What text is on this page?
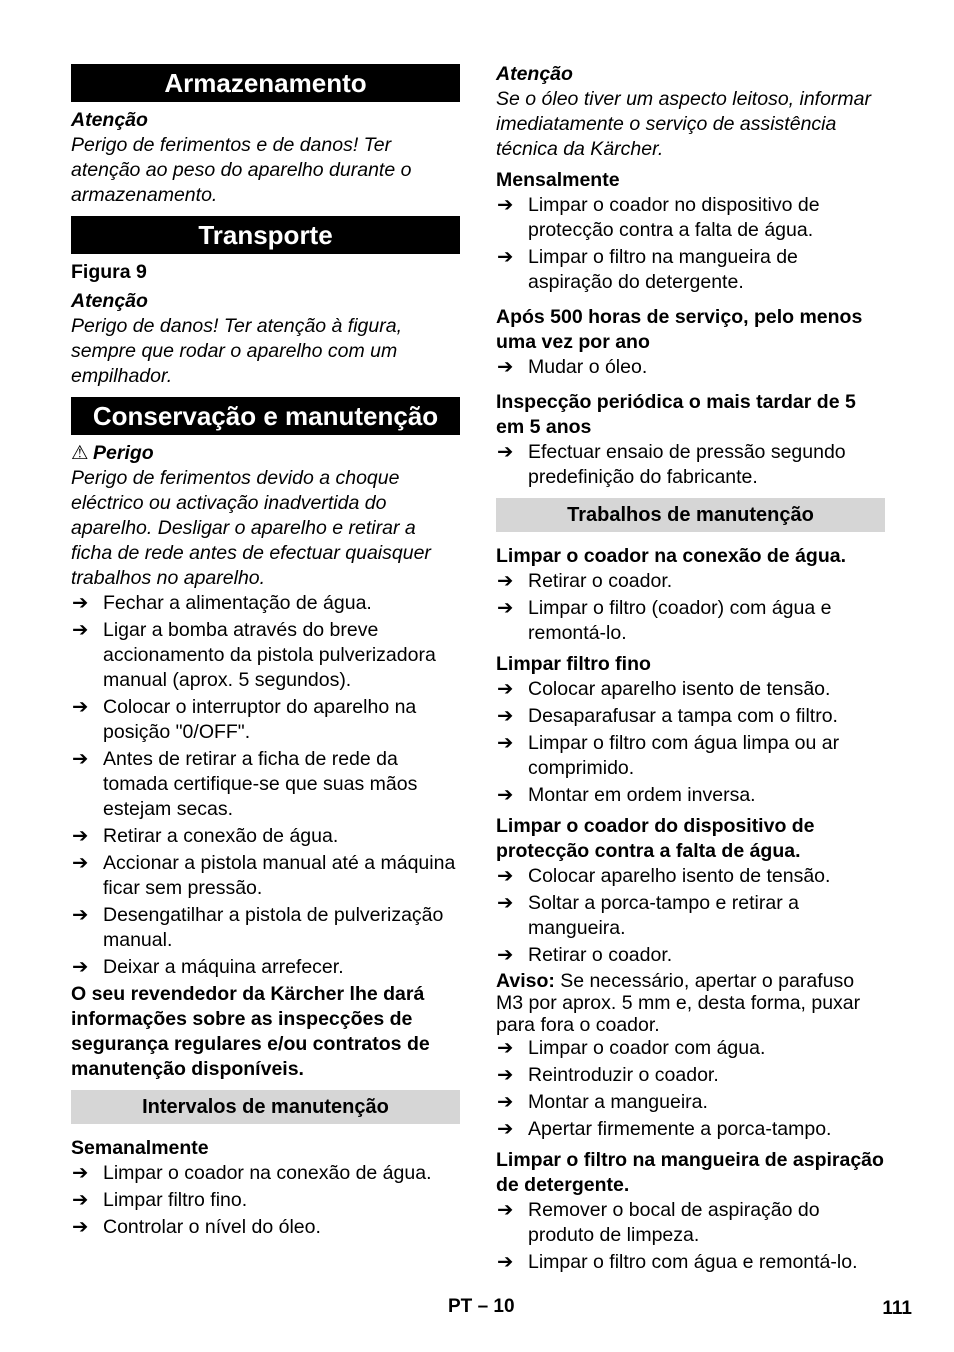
Armazenamento
Atenção
Perigo de ferimentos e de danos! Ter atenção ao peso do aparelho durante o armazenamento.
Transporte
Figura 9
Atenção
Perigo de danos! Ter atenção à figura, sempre que rodar o aparelho com um empilhador.
Conservação e manutenção
⚠ Perigo
Perigo de ferimentos devido a choque eléctrico ou activação inadvertida do aparelho. Desligar o aparelho e retirar a ficha de rede antes de efectuar quaisquer trabalhos no aparelho.
➔ Fechar a alimentação de água.
➔ Ligar a bomba através do breve accionamento da pistola pulverizadora manual (aprox. 5 segundos).
➔ Colocar o interruptor do aparelho na posição "0/OFF".
➔ Antes de retirar a ficha de rede da tomada certifique-se que suas mãos estejam secas.
➔ Retirar a conexão de água.
➔ Accionar a pistola manual até a máquina ficar sem pressão.
➔ Desengatilhar a pistola de pulverização manual.
➔ Deixar a máquina arrefecer.
O seu revendedor da Kärcher lhe dará informações sobre as inspecções de segurança regulares e/ou contratos de manutenção disponíveis.
Intervalos de manutenção
Semanalmente
➔ Limpar o coador na conexão de água.
➔ Limpar filtro fino.
➔ Controlar o nível do óleo.
Atenção
Se o óleo tiver um aspecto leitoso, informar imediatamente o serviço de assistência técnica da Kärcher.
Mensalmente
➔ Limpar o coador no dispositivo de protecção contra a falta de água.
➔ Limpar o filtro na mangueira de aspiração do detergente.
Após 500 horas de serviço, pelo menos uma vez por ano
➔ Mudar o óleo.
Inspecção periódica o mais tardar de 5 em 5 anos
➔ Efectuar ensaio de pressão segundo predefinição do fabricante.
Trabalhos de manutenção
Limpar o coador na conexão de água.
➔ Retirar o coador.
➔ Limpar o filtro (coador) com água e remontá-lo.
Limpar filtro fino
➔ Colocar aparelho isento de tensão.
➔ Desaparafusar a tampa com o filtro.
➔ Limpar o filtro com água limpa ou ar comprimido.
➔ Montar em ordem inversa.
Limpar o coador do dispositivo de protecção contra a falta de água.
➔ Colocar aparelho isento de tensão.
➔ Soltar a porca-tampo e retirar a mangueira.
➔ Retirar o coador.
Aviso: Se necessário, apertar o parafuso M3 por aprox. 5 mm e, desta forma, puxar para fora o coador.
➔ Limpar o coador com água.
➔ Reintroduzir o coador.
➔ Montar a mangueira.
➔ Apertar firmemente a porca-tampo.
Limpar o filtro na mangueira de aspiração de detergente.
➔ Remover o bocal de aspiração do produto de limpeza.
➔ Limpar o filtro com água e remontá-lo.
PT – 10	111
